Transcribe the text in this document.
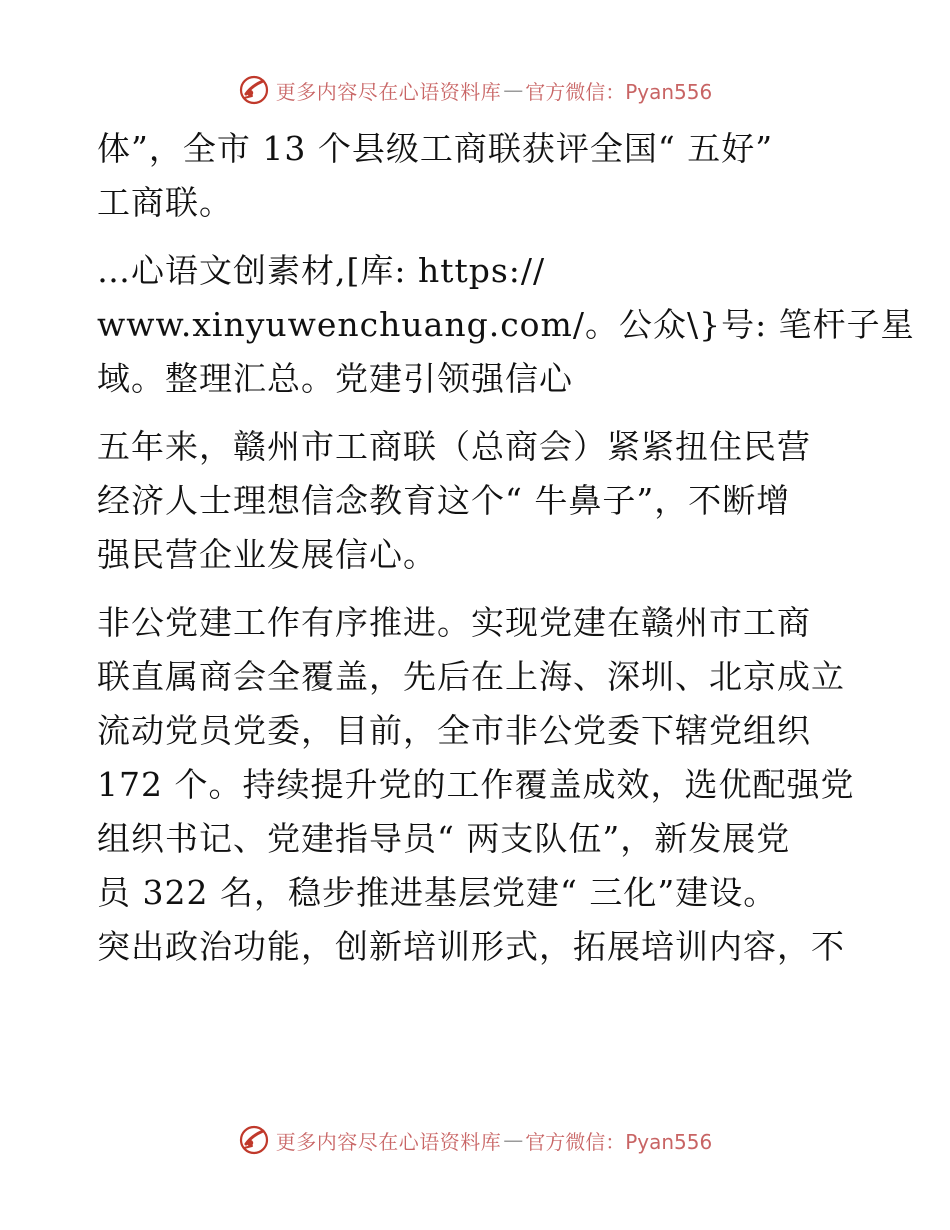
更多内容尽在心语资料库 — 官方微信：Pyan556

体”，全市 13 个县级工商联获评全国“ 五好”
工商联。

…心语文创素材,[库: https://
www.xinyuwenchuang.com/。公众\}号: 笔杆子星
域。整理汇总。党建引领强信心

五年来，赣州市工商联（总商会）紧紧扭住民营
经济人士理想信念教育这个“ 牛鼻子”，不断增
强民营企业发展信心。

非公党建工作有序推进。实现党建在赣州市工商
联直属商会全覆盖，先后在上海、深圳、北京成立
流动党员党委，目前，全市非公党委下辖党组织
172 个。持续提升党的工作覆盖成效，选优配强党
组织书记、党建指导员“ 两支队伍”，新发展党
员 322 名，稳步推进基层党建“ 三化”建设。
突出政治功能，创新培训形式，拓展培训内容，不

更多内容尽在心语资料库 — 官方微信：Pyan556
